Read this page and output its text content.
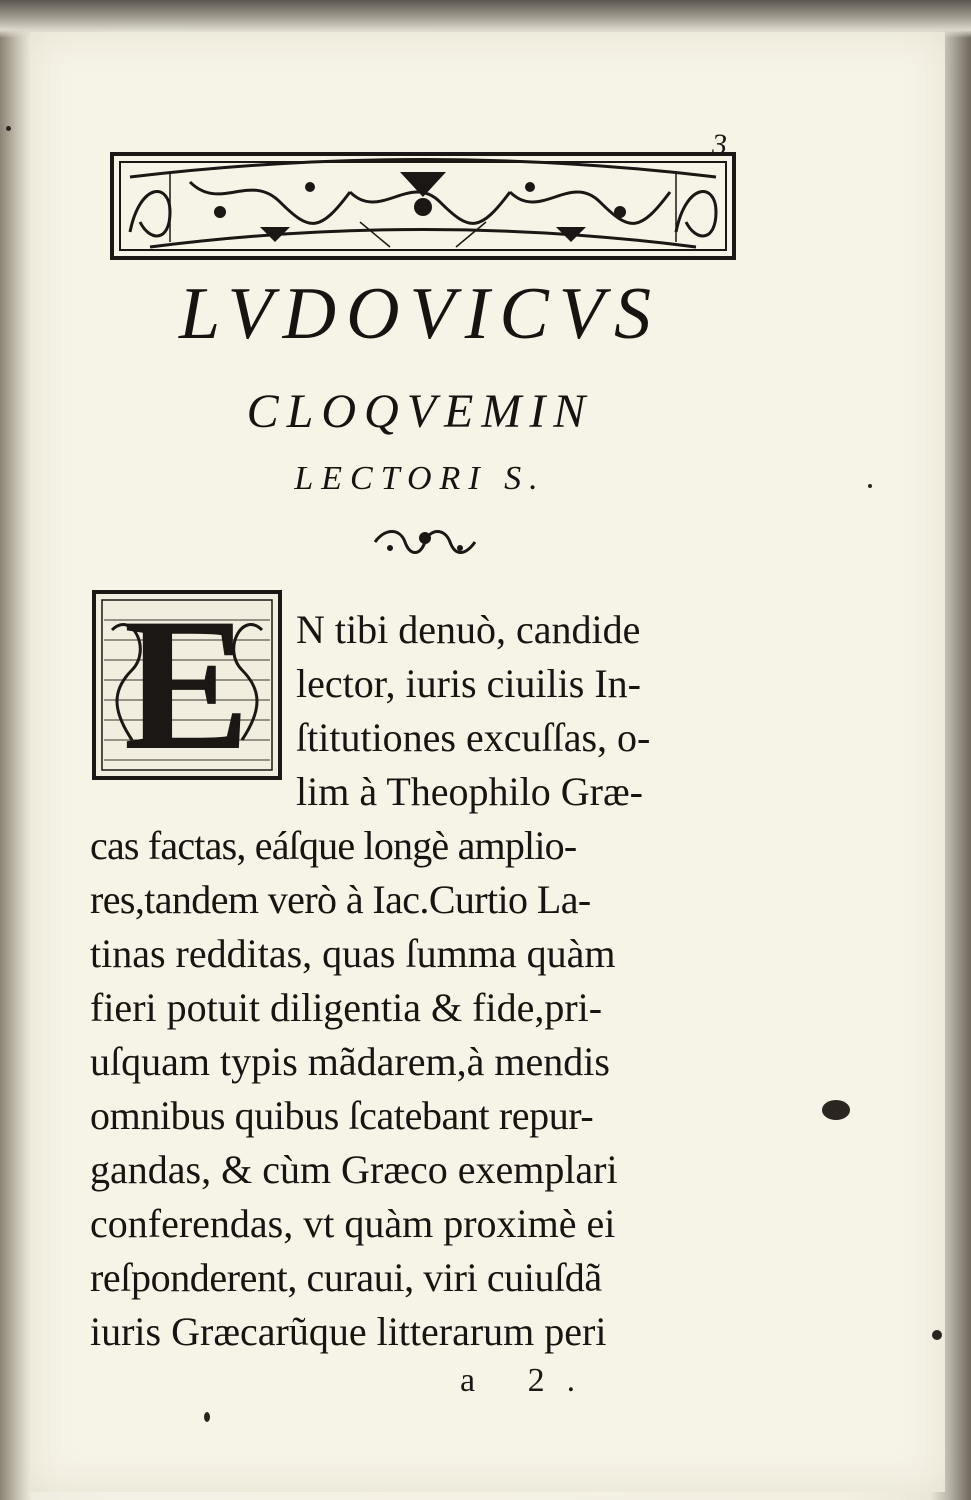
3
LVDOVICVS
CLOQVEMIN
LECTORI S.
E	N tibi denuò, candide
lector, iuris ciuilis In-
ſtitutiones excuſſas, o-
lim à Theophilo Græ-
cas factas, eáſque longè amplio-
res,tandem verò à Iac.Curtio La-
tinas redditas, quas ſumma quàm
fieri potuit diligentia & fide,pri-
uſquam typis mãdarem,à mendis
omnibus quibus ſcatebant repur-
gandas, & cùm Græco exemplari
conferendas, vt quàm proximè ei
reſponderent, curaui, viri cuiuſdã
iuris Græcarũque litterarum peri
a 2.
